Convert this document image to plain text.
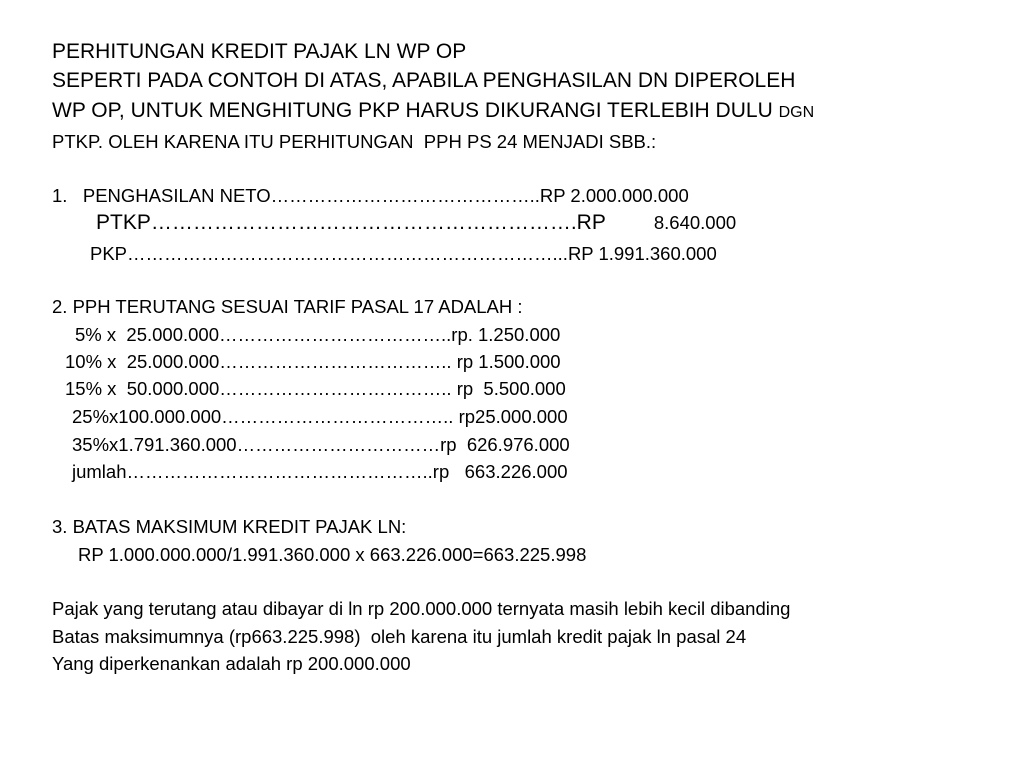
PERHITUNGAN KREDIT PAJAK LN WP OP
SEPERTI PADA CONTOH DI ATAS, APABILA PENGHASILAN DN DIPEROLEH
WP OP, UNTUK MENGHITUNG PKP HARUS DIKURANGI TERLEBIH DULU DGN
PTKP. OLEH KARENA ITU PERHITUNGAN  PPH PS 24 MENJADI SBB.:
1.   PENGHASILAN NETO……………………………………..RP 2.000.000.000
PTKP…………………………………………………….RP	8.640.000
PKP……………………………………………………………...RP 1.991.360.000
2. PPH TERUTANG SESUAI TARIF PASAL 17 ADALAH :
5% x  25.000.000………………………………..rp. 1.250.000
10% x  25.000.000……………………………….. rp 1.500.000
15% x  50.000.000……………………………….. rp  5.500.000
25%x100.000.000……………………………….. rp25.000.000
35%x1.791.360.000……………………………rp  626.976.000
jumlah…………………………………………..rp   663.226.000
3. BATAS MAKSIMUM KREDIT PAJAK LN:
RP 1.000.000.000/1.991.360.000 x 663.226.000=663.225.998
Pajak yang terutang atau dibayar di ln rp 200.000.000 ternyata masih lebih kecil dibanding
Batas maksimumnya (rp663.225.998)  oleh karena itu jumlah kredit pajak ln pasal 24
Yang diperkenankan adalah rp 200.000.000
